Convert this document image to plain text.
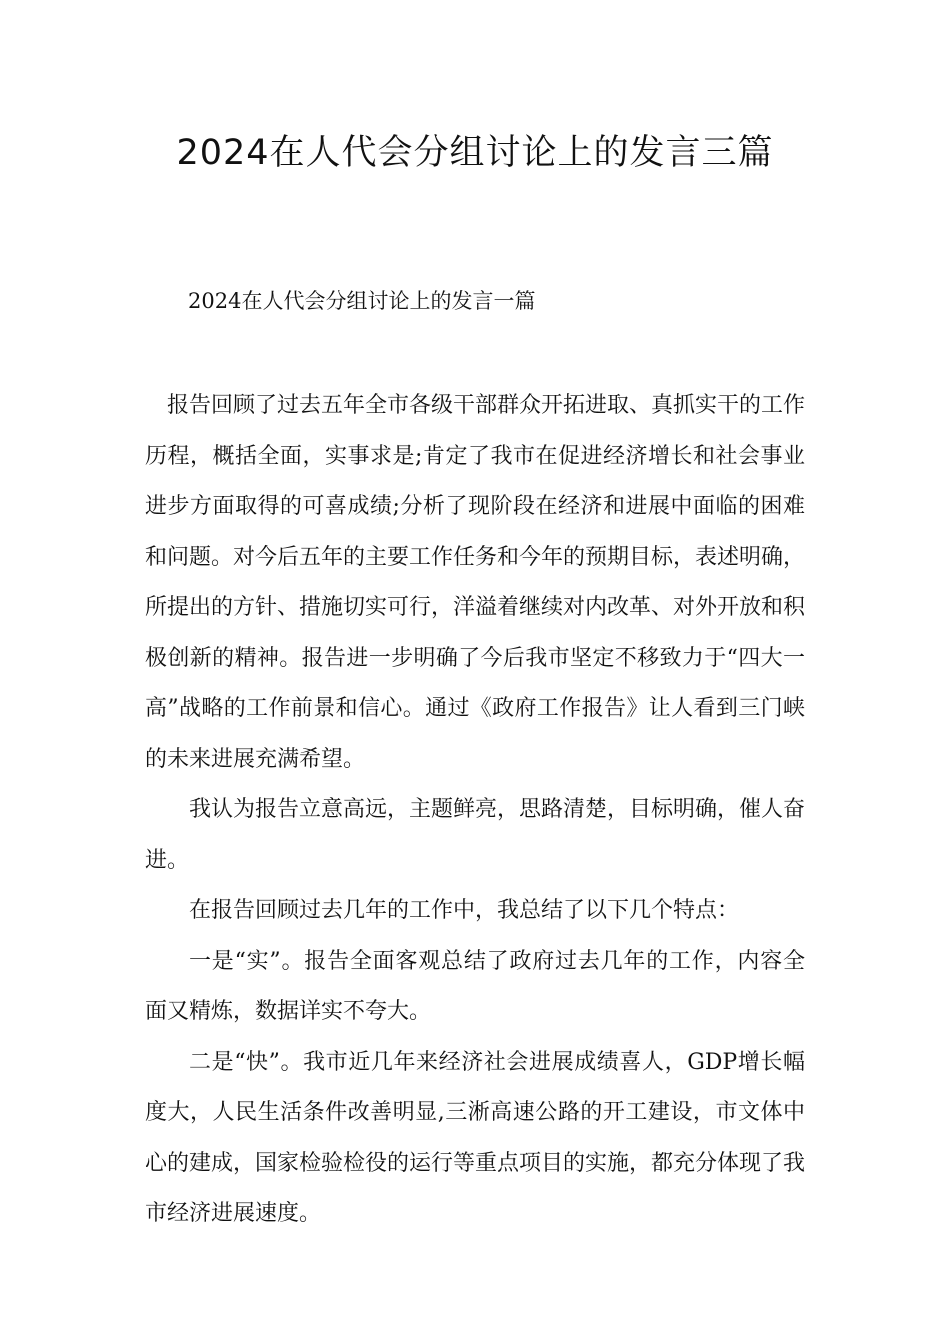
2024在人代会分组讨论上的发言三篇
2024在人代会分组讨论上的发言一篇

报告回顾了过去五年全市各级干部群众开拓进取、真抓实干的工作历程，概括全面，实事求是;肯定了我市在促进经济增长和社会事业进步方面取得的可喜成绩;分析了现阶段在经济和进展中面临的困难和问题。对今后五年的主要工作任务和今年的预期目标，表述明确，所提出的方针、措施切实可行，洋溢着继续对内改革、对外开放和积极创新的精神。报告进一步明确了今后我市坚定不移致力于“四大一高”战略的工作前景和信心。通过《政府工作报告》让人看到三门峡的未来进展充满希望。

我认为报告立意高远，主题鲜亮，思路清楚，目标明确，催人奋进。

在报告回顾过去几年的工作中，我总结了以下几个特点：

一是“实”。报告全面客观总结了政府过去几年的工作，内容全面又精炼，数据详实不夸大。

二是“快”。我市近几年来经济社会进展成绩喜人，GDP增长幅度大，人民生活条件改善明显,三淅高速公路的开工建设，市文体中心的建成，国家检验检役的运行等重点项目的实施，都充分体现了我市经济进展速度。
